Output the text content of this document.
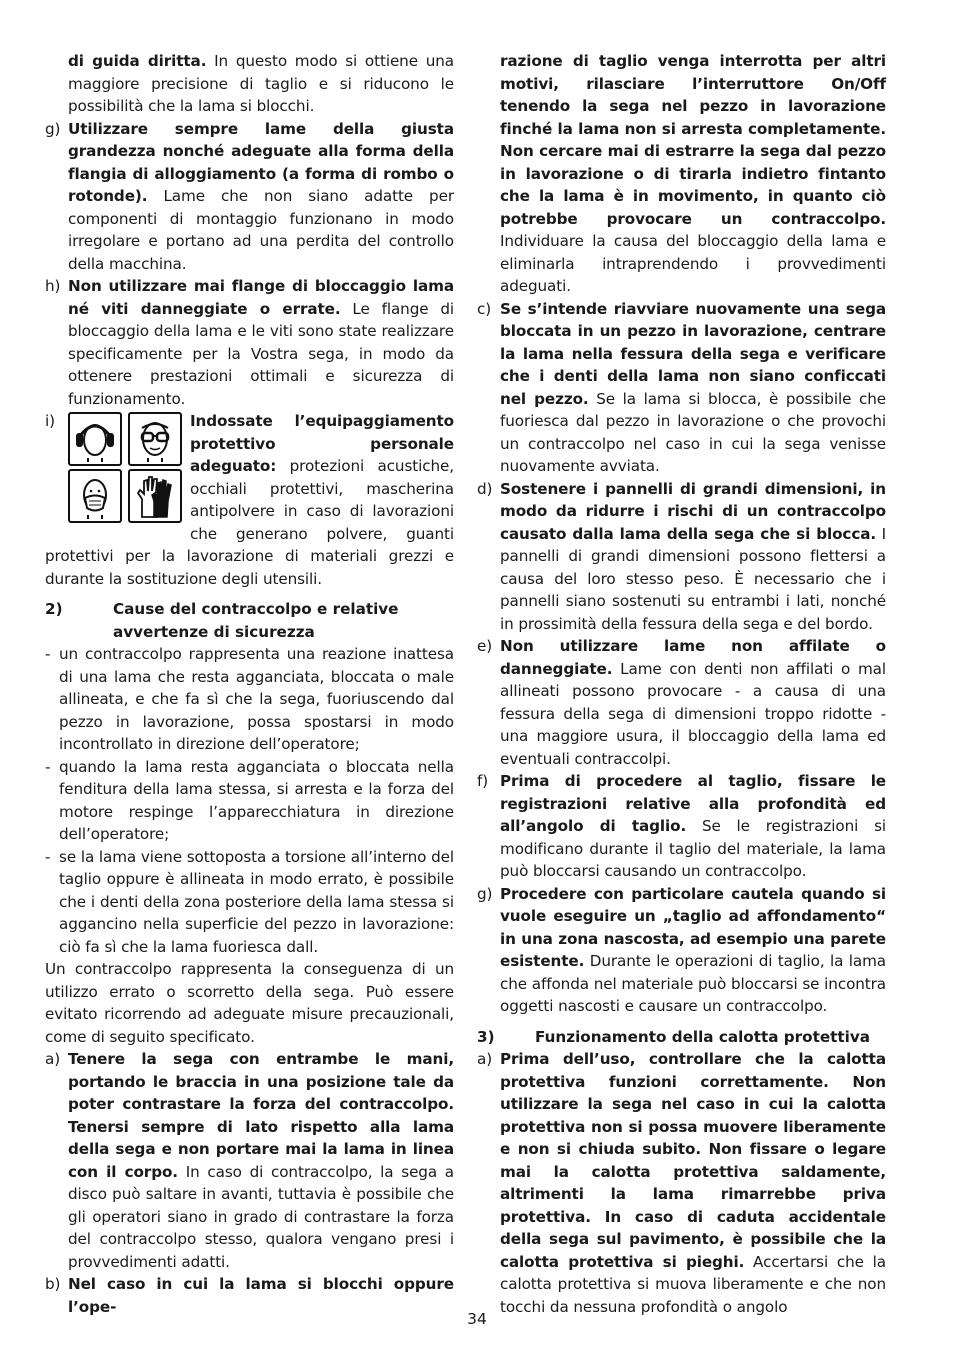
di guida diritta. In questo modo si ottiene una maggiore precisione di taglio e si riducono le possibilità che la lama si blocchi.

g) Utilizzare sempre lame della giusta grandezza nonché adeguate alla forma della flangia di alloggiamento (a forma di rombo o rotonde). Lame che non siano adatte per componenti di montaggio funzionano in modo irregolare e portano ad una perdita del controllo della macchina.

h) Non utilizzare mai flange di bloccaggio lama né viti danneggiate o errate. Le flange di bloccaggio della lama e le viti sono state realizzare specificamente per la Vostra sega, in modo da ottenere prestazioni ottimali e sicurezza di funzionamento.

i)	Indossate l’equipaggiamento protettivo personale adeguato: protezioni acustiche, occhiali protettivi, mascherina antipolvere in caso di lavorazioni che generano polvere, guanti protettivi per la lavorazione di materiali grezzi e durante la sostituzione degli utensili.
2)	Cause del contraccolpo e relative avvertenze di sicurezza

- un contraccolpo rappresenta una reazione inattesa di una lama che resta agganciata, bloccata o male allineata, e che fa sì che la sega, fuoriuscendo dal pezzo in lavorazione, possa spostarsi in modo incontrollato in direzione dell’operatore;

- quando la lama resta agganciata o bloccata nella fenditura della lama stessa, si arresta e la forza del motore respinge l’apparecchiatura in direzione dell’operatore;

- se la lama viene sottoposta a torsione all’interno del taglio oppure è allineata in modo errato, è possibile che i denti della zona posteriore della lama stessa si aggancino nella superficie del pezzo in lavorazione: ciò fa sì che la lama fuoriesca dall.

Un contraccolpo rappresenta la conseguenza di un utilizzo errato o scorretto della sega. Può essere evitato ricorrendo ad adeguate misure precauzionali, come di seguito specificato.

a) Tenere la sega con entrambe le mani, portando le braccia in una posizione tale da poter contrastare la forza del contraccolpo. Tenersi sempre di lato rispetto alla lama della sega e non portare mai la lama in linea con il corpo. In caso di contraccolpo, la sega a disco può saltare in avanti, tuttavia è possibile che gli operatori siano in grado di contrastare la forza del contraccolpo stesso, qualora vengano presi i provvedimenti adatti.

b) Nel caso in cui la lama si blocchi oppure l’ope-

razione di taglio venga interrotta per altri motivi, rilasciare l’interruttore On/Off tenendo la sega nel pezzo in lavorazione finché la lama non si arresta completamente. Non cercare mai di estrarre la sega dal pezzo in lavorazione o di tirarla indietro fintanto che la lama è in movimento, in quanto ciò potrebbe provocare un contraccolpo. Individuare la causa del bloccaggio della lama e eliminarla intraprendendo i provvedimenti adeguati.

c) Se s’intende riavviare nuovamente una sega bloccata in un pezzo in lavorazione, centrare la lama nella fessura della sega e verificare che i denti della lama non siano conficcati nel pezzo. Se la lama si blocca, è possibile che fuoriesca dal pezzo in lavorazione o che provochi un contraccolpo nel caso in cui la sega venisse nuovamente avviata.

d) Sostenere i pannelli di grandi dimensioni, in modo da ridurre i rischi di un contraccolpo causato dalla lama della sega che si blocca. I pannelli di grandi dimensioni possono flettersi a causa del loro stesso peso. È necessario che i pannelli siano sostenuti su entrambi i lati, nonché in prossimità della fessura della sega e del bordo.

e) Non utilizzare lame non affilate o danneggiate. Lame con denti non affilati o mal allineati possono provocare - a causa di una fessura della sega di dimensioni troppo ridotte - una maggiore usura, il bloccaggio della lama ed eventuali contraccolpi.

f) Prima di procedere al taglio, fissare le registrazioni relative alla profondità ed all’angolo di taglio. Se le registrazioni si modificano durante il taglio del materiale, la lama può bloccarsi causando un contraccolpo.

g) Procedere con particolare cautela quando si vuole eseguire un „taglio ad affondamento“ in una zona nascosta, ad esempio una parete esistente. Durante le operazioni di taglio, la lama che affonda nel materiale può bloccarsi se incontra oggetti nascosti e causare un contraccolpo.

3)	Funzionamento della calotta protettiva

a) Prima dell’uso, controllare che la calotta protettiva funzioni correttamente. Non utilizzare la sega nel caso in cui la calotta protettiva non si possa muovere liberamente e non si chiuda subito. Non fissare o legare mai la calotta protettiva saldamente, altrimenti la lama rimarrebbe priva protettiva. In caso di caduta accidentale della sega sul pavimento, è possibile che la calotta protettiva si pieghi. Accertarsi che la calotta protettiva si muova liberamente e che non tocchi da nessuna profondità o angolo

34
